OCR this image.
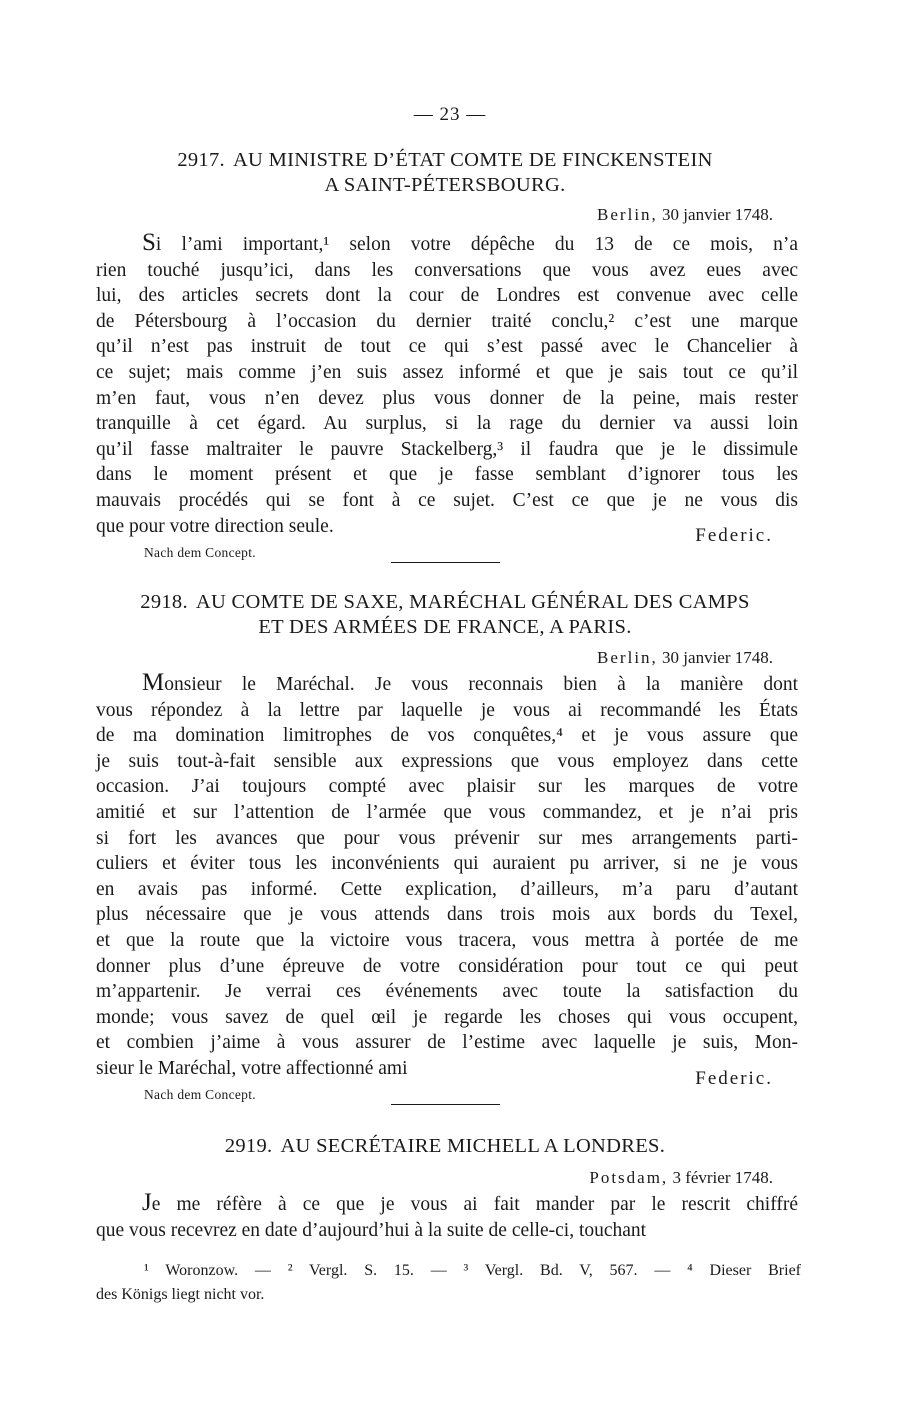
— 23 —
2917. AU MINISTRE D’ÉTAT COMTE DE FINCKENSTEIN
A SAINT-PÉTERSBOURG.
Berlin, 30 janvier 1748.

Si l’ami important,¹ selon votre dépêche du 13 de ce mois, n’a
rien touché jusqu’ici, dans les conversations que vous avez eues avec
lui, des articles secrets dont la cour de Londres est convenue avec celle
de Pétersbourg à l’occasion du dernier traité conclu,² c’est une marque
qu’il n’est pas instruit de tout ce qui s’est passé avec le Chancelier à
ce sujet; mais comme j’en suis assez informé et que je sais tout ce qu’il
m’en faut, vous n’en devez plus vous donner de la peine, mais rester
tranquille à cet égard. Au surplus, si la rage du dernier va aussi loin
qu’il fasse maltraiter le pauvre Stackelberg,³ il faudra que je le dissimule
dans le moment présent et que je fasse semblant d’ignorer tous les
mauvais procédés qui se font à ce sujet. C’est ce que je ne vous dis
que pour votre direction seule.	Federic.
Nach dem Concept.
2918. AU COMTE DE SAXE, MARÉCHAL GÉNÉRAL DES CAMPS
ET DES ARMÉES DE FRANCE, A PARIS.
Berlin, 30 janvier 1748.

Monsieur le Maréchal. Je vous reconnais bien à la manière dont
vous répondez à la lettre par laquelle je vous ai recommandé les États
de ma domination limitrophes de vos conquêtes,⁴ et je vous assure que
je suis tout-à-fait sensible aux expressions que vous employez dans cette
occasion. J’ai toujours compté avec plaisir sur les marques de votre
amitié et sur l’attention de l’armée que vous commandez, et je n’ai pris
si fort les avances que pour vous prévenir sur mes arrangements parti-
culiers et éviter tous les inconvénients qui auraient pu arriver, si ne je vous
en avais pas informé. Cette explication, d’ailleurs, m’a paru d’autant
plus nécessaire que je vous attends dans trois mois aux bords du Texel,
et que la route que la victoire vous tracera, vous mettra à portée de me
donner plus d’une épreuve de votre considération pour tout ce qui peut
m’appartenir. Je verrai ces événements avec toute la satisfaction du
monde; vous savez de quel œil je regarde les choses qui vous occupent,
et combien j’aime à vous assurer de l’estime avec laquelle je suis, Mon-
sieur le Maréchal, votre affectionné ami	Federic.
Nach dem Concept.
2919. AU SECRÉTAIRE MICHELL A LONDRES.
Potsdam, 3 février 1748.

Je me réfère à ce que je vous ai fait mander par le rescrit chiffré
que vous recevrez en date d’aujourd’hui à la suite de celle-ci, touchant

¹ Woronzow. — ² Vergl. S. 15. — ³ Vergl. Bd. V, 567. — ⁴ Dieser Brief
des Königs liegt nicht vor.
